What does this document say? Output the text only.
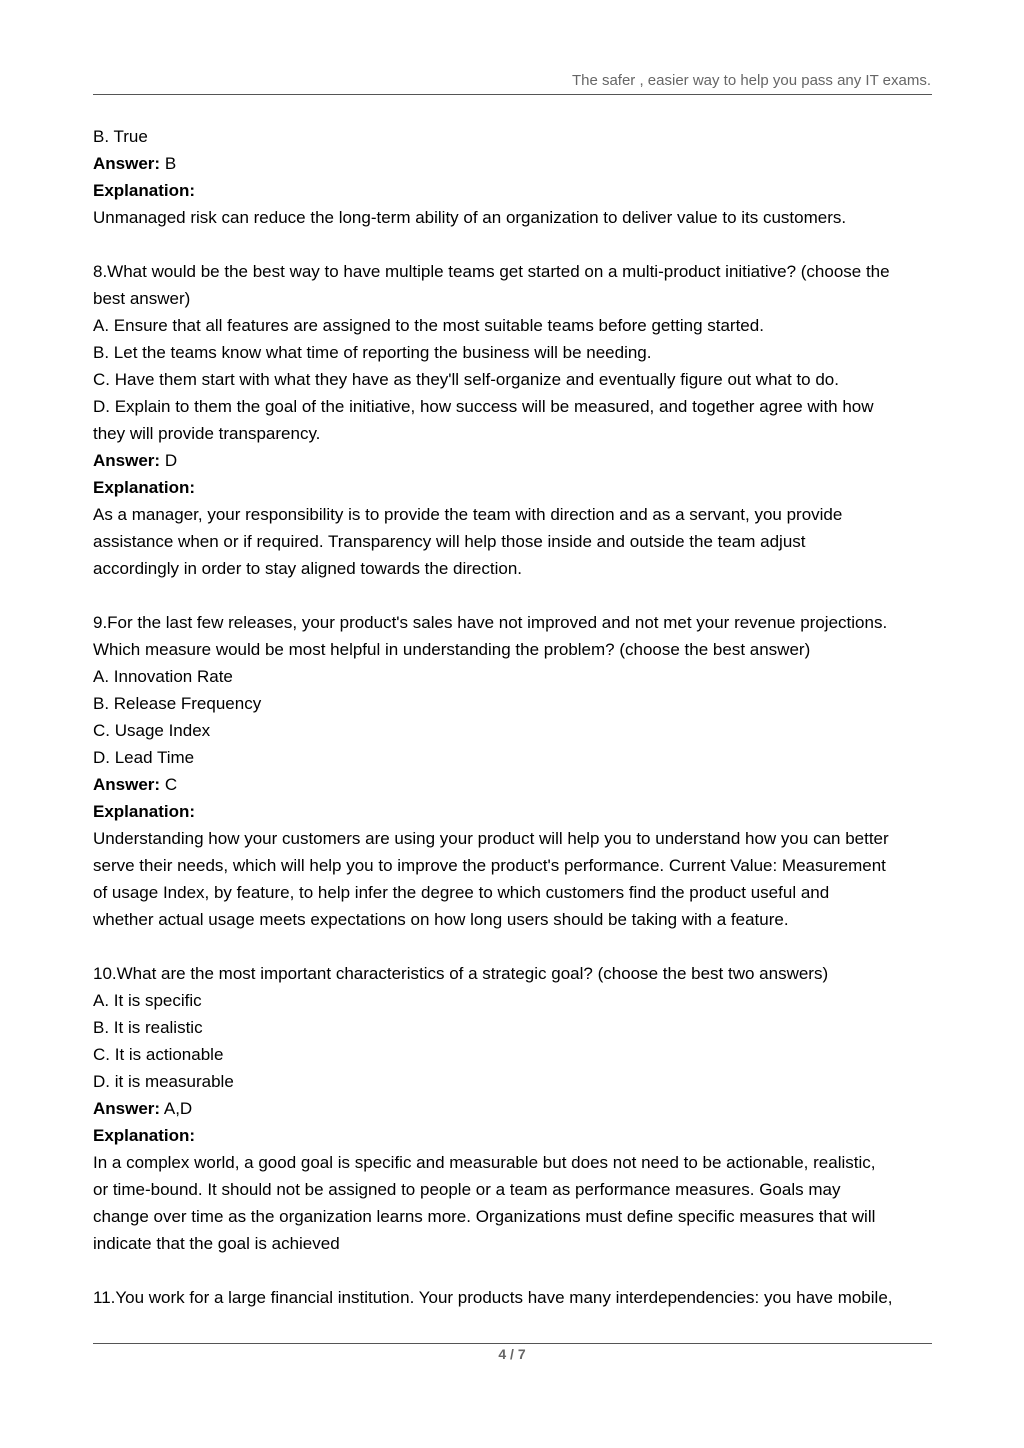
The safer , easier way to help you pass any IT exams.
B. True
Answer: B
Explanation:
Unmanaged risk can reduce the long-term ability of an organization to deliver value to its customers.
8.What would be the best way to have multiple teams get started on a multi-product initiative? (choose the
best answer)
A. Ensure that all features are assigned to the most suitable teams before getting started.
B. Let the teams know what time of reporting the business will be needing.
C. Have them start with what they have as they'll self-organize and eventually figure out what to do.
D. Explain to them the goal of the initiative, how success will be measured, and together agree with how
they will provide transparency.
Answer: D
Explanation:
As a manager, your responsibility is to provide the team with direction and as a servant, you provide
assistance when or if required. Transparency will help those inside and outside the team adjust
accordingly in order to stay aligned towards the direction.
9.For the last few releases, your product's sales have not improved and not met your revenue projections.
Which measure would be most helpful in understanding the problem? (choose the best answer)
A. Innovation Rate
B. Release Frequency
C. Usage Index
D. Lead Time
Answer: C
Explanation:
Understanding how your customers are using your product will help you to understand how you can better
serve their needs, which will help you to improve the product's performance. Current Value: Measurement
of usage Index, by feature, to help infer the degree to which customers find the product useful and
whether actual usage meets expectations on how long users should be taking with a feature.
10.What are the most important characteristics of a strategic goal? (choose the best two answers)
A. It is specific
B. It is realistic
C. It is actionable
D. it is measurable
Answer: A,D
Explanation:
In a complex world, a good goal is specific and measurable but does not need to be actionable, realistic,
or time-bound. It should not be assigned to people or a team as performance measures. Goals may
change over time as the organization learns more. Organizations must define specific measures that will
indicate that the goal is achieved
11.You work for a large financial institution. Your products have many interdependencies: you have mobile,
4 / 7
